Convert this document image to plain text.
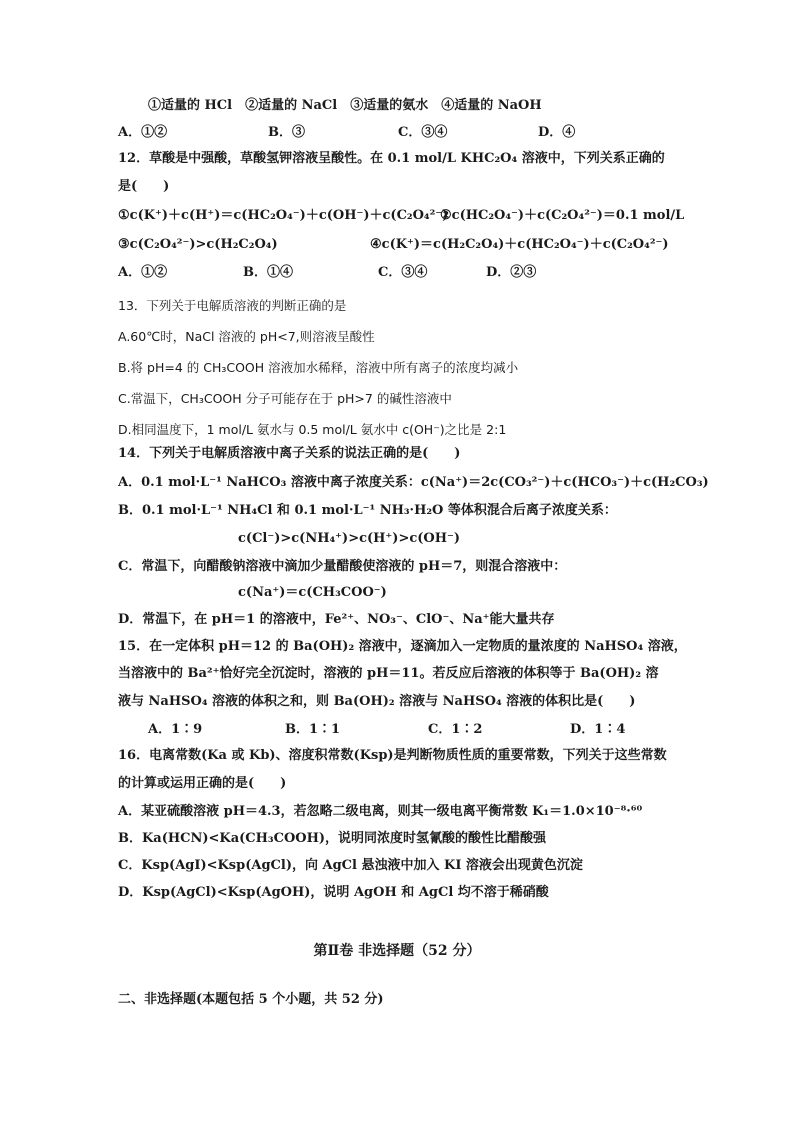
①适量的 HCl　②适量的 NaCl　③适量的氨水　④适量的 NaOH
A．①②	B．③	C．③④	D．④
12．草酸是中强酸，草酸氢钾溶液呈酸性。在 0.1 mol/L KHC₂O₄ 溶液中，下列关系正确的
是(　　)
①c(K⁺)＋c(H⁺)＝c(HC₂O₄⁻)＋c(OH⁻)＋c(C₂O₄²⁻)
②c(HC₂O₄⁻)＋c(C₂O₄²⁻)＝0.1 mol/L
③c(C₂O₄²⁻)>c(H₂C₂O₄)	④c(K⁺)＝c(H₂C₂O₄)＋c(HC₂O₄⁻)＋c(C₂O₄²⁻)
A．①②	B．①④	C．③④	D．②③
13．下列关于电解质溶液的判断正确的是
A.60℃时，NaCl 溶液的 pH<7,则溶液呈酸性
B.将 pH=4 的 CH₃COOH 溶液加水稀释，溶液中所有离子的浓度均减小
C.常温下，CH₃COOH 分子可能存在于 pH>7 的碱性溶液中
D.相同温度下，1 mol/L 氨水与 0.5 mol/L 氨水中 c(OH⁻)之比是 2:1
14．下列关于电解质溶液中离子关系的说法正确的是(　　)
A．0.1 mol·L⁻¹ NaHCO₃ 溶液中离子浓度关系：c(Na⁺)＝2c(CO₃²⁻)＋c(HCO₃⁻)＋c(H₂CO₃)
B．0.1 mol·L⁻¹ NH₄Cl 和 0.1 mol·L⁻¹ NH₃·H₂O 等体积混合后离子浓度关系：
c(Cl⁻)>c(NH₄⁺)>c(H⁺)>c(OH⁻)
C．常温下，向醋酸钠溶液中滴加少量醋酸使溶液的 pH＝7，则混合溶液中：
c(Na⁺)＝c(CH₃COO⁻)
D．常温下，在 pH＝1 的溶液中，Fe²⁺、NO₃⁻、ClO⁻、Na⁺能大量共存
15．在一定体积 pH＝12 的 Ba(OH)₂ 溶液中，逐滴加入一定物质的量浓度的 NaHSO₄ 溶液，
当溶液中的 Ba²⁺恰好完全沉淀时，溶液的 pH＝11。若反应后溶液的体积等于 Ba(OH)₂ 溶
液与 NaHSO₄ 溶液的体积之和，则 Ba(OH)₂ 溶液与 NaHSO₄ 溶液的体积比是(　　)
A．1∶9	B．1∶1	C．1∶2	D．1∶4
16．电离常数(Ka 或 Kb)、溶度积常数(Ksp)是判断物质性质的重要常数，下列关于这些常数
的计算或运用正确的是(　　)
A．某亚硫酸溶液 pH＝4.3，若忽略二级电离，则其一级电离平衡常数 K₁＝1.0×10⁻⁸·⁶⁰
B．Ka(HCN)<Ka(CH₃COOH)，说明同浓度时氢氰酸的酸性比醋酸强
C．Ksp(AgI)<Ksp(AgCl)，向 AgCl 悬浊液中加入 KI 溶液会出现黄色沉淀
D．Ksp(AgCl)<Ksp(AgOH)，说明 AgOH 和 AgCl 均不溶于稀硝酸
第Ⅱ卷 非选择题（52 分）
二、非选择题(本题包括 5 个小题，共 52 分)
